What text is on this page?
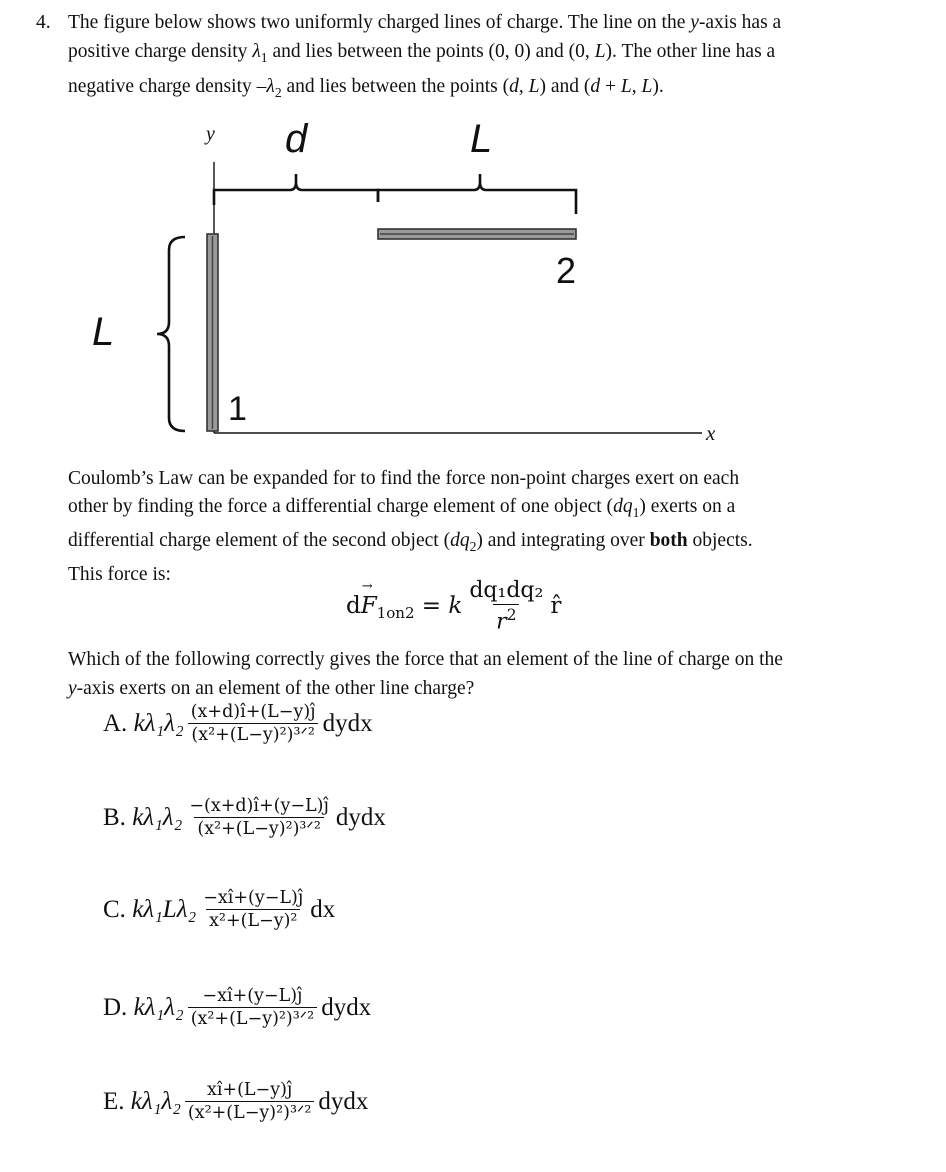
4. The figure below shows two uniformly charged lines of charge. The line on the y-axis has a
positive charge density $\lambda_1$ and lies between the points (0, 0) and (0, L). The other line has a
negative charge density $-\lambda_2$ and lies between the points (d, L) and (d + L, L).
y d	L
L
x
1
2
Coulomb’s Law can be expanded for to find the force non-point charges exert on each
other by finding the force a differential charge element of one object $(dq_1)$ exerts on a
differential charge element of the second object $(dq_2)$ and integrating over both objects.
This force is:
dF
→
$_{1on2}$ = k $\frac{\text{dq₁dq₂}}{r^2}$ r̂
Which of the following correctly gives the force that an element of the line of charge on the
y-axis exerts on an element of the other line charge?
A. $k\lambda_1\lambda_2 \frac{(x+d)î+(L-y)ĵ}{\text{(x²+(L−y)²)³ᐟ²}}$ dydx
B. $k\lambda_1\lambda_2 \frac{-(x+d)î+(y-L)ĵ}{\text{(x²+(L−y)²)³ᐟ²}}$ dydx
C. $k\lambda_1L\lambda_2 \frac{-xî+(y-L)ĵ}{\text{x²+(L−y)²}}$ dx
D. $k\lambda_1\lambda_2 \frac{-xî+(y-L)ĵ}{\text{(x²+(L−y)²)³ᐟ²}}$ dydx
E. $k\lambda_1\lambda_2 \frac{xî+(L-y)ĵ}{\text{(x²+(L−y)²)³ᐟ²}}$ dydx
